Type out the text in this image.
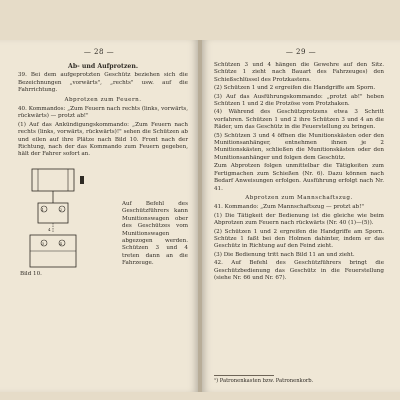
— 28 —
Ab- und Aufprotzen.

39. Bei dem aufgeprotzten Geschütz beziehen sich die Bezeichnungen „vorwärts", „rechts" usw. auf die Fahrrichtung.

Abprotzen zum Feuern.

40. Kommandos: „Zum Feuern nach rechts (links, vorwärts, rückwärts) — protzt ab!"

(1) Auf das Ankündigungskommando: „Zum Feuern nach rechts (links, vorwärts, rückwärts)!" sehen die Schützen ab und eilen auf ihre Plätze nach Bild 10. Front nach der Richtung, nach der das Kommando zum Feuern gegeben, hält der Fahrer sofort an.

1	2
4
3	4
Auf Befehl des Geschützführers kann Munitionswagen ober des Geschützes vom Munitionswagen abgezogen werden. Schützen 3 und 4 treten dann an die Fahrzeuge.
Bild 10.
— 29 —

Schützen 3 und 4 hängen die Gewehre auf den Sitz. Schütze 1 zieht nach Bauart des Fahrzeuges) den Schießschlüssel des Protzkastens.

(2) Schützen 1 und 2 ergreifen die Handgriffe am Sporn.

(3) Auf das Ausführungskommando: „protzt ab!" heben Schützen 1 und 2 die Protzöse vom Protzhaken.

(4) Während des Geschützprotzens etwa 3 Schritt vorfahren. Schützen 1 und 2 ihre Schützen 3 und 4 an die Räder, um das Geschütz in die Feuerstellung zu bringen.

(5) Schützen 3 und 4 öffnen die Munitionskästen oder den Munitionsanhänger, entnehmen ihnen je 2 Munitionskästen, schließen die Munitionskästen oder den Munitionsanhänger und folgen dem Geschütz.

Zum Abprotzen folgen unmittelbar die Tätigkeiten zum Fertigmachen zum Schießen (Nr. 6). Dazu können nach Bedarf Anweisungen erfolgen. Ausführung erfolgt nach Nr. 41.

Abprotzen zum Mannschaftszug.

41. Kommando: „Zum Mannschaftszug — protzt ab!"

(1) Die Tätigkeit der Bedienung ist die gleiche wie beim Abprotzen zum Feuern nach rückwärts (Nr. 40 (1)—(5)).

(2) Schützen 1 und 2 ergreifen die Handgriffe am Sporn. Schütze 1 faßt bei den Holmen dahinter, indem er das Geschütz in Richtung auf den Feind zieht.

(3) Die Bedienung tritt nach Bild 11 an und zieht.

42. Auf Befehl des Geschützführers bringt die Geschützbedienung das Geschütz in die Feuerstellung (siehe Nr. 66 und Nr. 67).

¹) Patronenkasten bzw. Patronenkorb.
